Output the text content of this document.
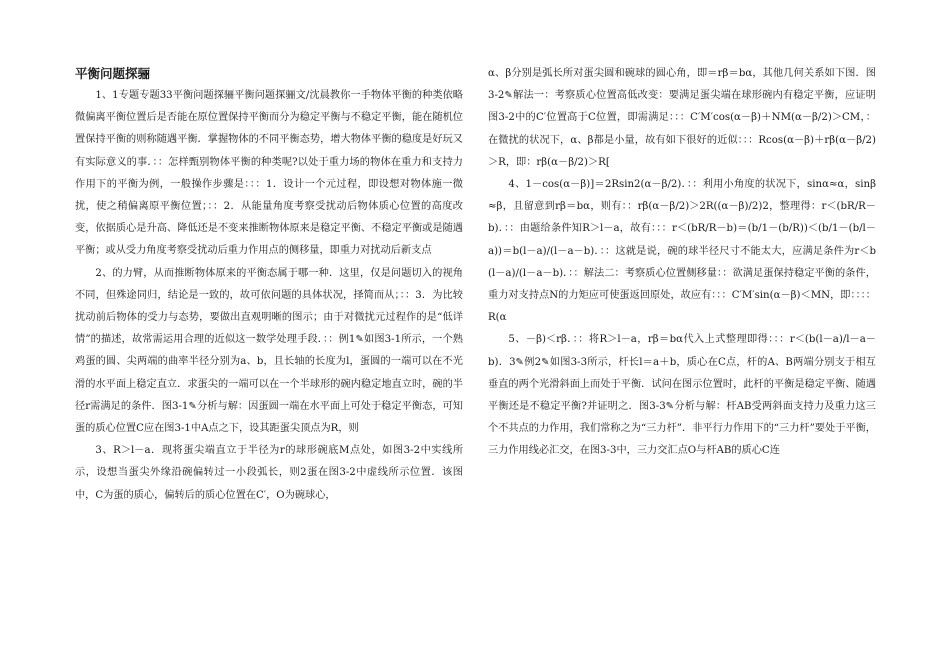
平衡问题探骊

1、1专题专题33平衡问题探骊平衡问题探骊文/沈晨教你一手物体平衡的种类依略微偏离平衡位置后是否能在原位置保持平衡而分为稳定平衡与不稳定平衡，能在随机位置保持平衡的则称随遇平衡．掌握物体的不同平衡态势，增大物体平衡的稳度是好玩又有实际意义的事．：：怎样甄别物体平衡的种类呢?以处于重力场的物体在重力和支持力作用下的平衡为例，一般操作步骤是：：：1．设计一个元过程，即设想对物体施一微扰，使之稍偏离原平衡位置；：：2．从能量角度考察受扰动后物体质心位置的高度改变，依据质心是升高、降低还是不变来推断物体原来是稳定平衡、不稳定平衡或是随遇平衡；或从受力角度考察受扰动后重力作用点的侧移量，即重力对扰动后新支点

2、的力臂，从而推断物体原来的平衡态属于哪一种．这里，仅是问题切入的视角不同，但殊途同归，结论是一致的，故可依问题的具体状况，择简而从；：：3．为比较扰动前后物体的受力与态势，要做出直观明晰的图示；由于对微扰元过程作的是“低详情”的描述，故常需运用合理的近似这一数学处理手段．：：例1✎如图3-1所示，一个熟鸡蛋的圆、尖两端的曲率半径分别为a、b，且长轴的长度为l，蛋圆的一端可以在不光滑的水平面上稳定直立．求蛋尖的一端可以在一个半球形的碗内稳定地直立时，碗的半径r需满足的条件．图3-1✎分析与解：因蛋圆一端在水平面上可处于稳定平衡态，可知蛋的质心位置C应在图3-1中A点之下，设其距蛋尖顶点为R，则

3、R＞l－a．现将蛋尖端直立于半径为r的球形碗底M点处，如图3-2中实线所示，设想当蛋尖外缘沿碗偏转过一小段弧长，则2蛋在图3-2中虚线所示位置．该图中，C为蛋的质心，偏转后的质心位置在C′，O为碗球心，

α、β分别是弧长所对蛋尖圆和碗球的圆心角，即＝rβ＝bα，其他几何关系如下图．图3-2✎解法一：考察质心位置高低改变：要满足蛋尖端在球形碗内有稳定平衡，应证明图3-2中的C′位置高于C位置，即需满足：：：C′M′cos(α－β)＋NM(α－β/2)＞CM，：在微扰的状况下，α、β都是小量，故有如下很好的近似：：：Rcos(α－β)＋rβ(α－β/2)＞R，即：rβ(α－β/2)＞R[

4、1－cos(α－β)]＝2Rsin2(α－β/2)．：：利用小角度的状况下，sinα≈α，sinβ≈β，且留意到rβ＝bα，则有：：rβ(α－β/2)＞2R((α－β)/2)2，整理得：r＜(bR/R－b)．：：由题给条件知R＞l－a，故有：：：r＜(bR/R－b)＝(b/1－(b/R))＜(b/1－(b/l－a))＝b(l－a)/(l－a－b)．：：这就是说，碗的球半径尺寸不能太大，应满足条件为r＜b(l－a)/(l－a－b)．：：解法二：考察质心位置侧移量：：欲满足蛋保持稳定平衡的条件，重力对支持点N的力矩应可使蛋返回原处，故应有：：：C′M′sin(α－β)＜MN，即：：：：R(α

5、－β)＜rβ．：：将R＞l－a，rβ＝bα代入上式整理即得：：：r＜(b(l－a)/l－a－b)．3✎例2✎如图3-3所示，杆长l＝a＋b，质心在C点，杆的A、B两端分别支于相互垂直的两个光滑斜面上而处于平衡．试问在图示位置时，此杆的平衡是稳定平衡、随遇平衡还是不稳定平衡?并证明之．图3-3✎分析与解：杆AB受两斜面支持力及重力这三个不共点的力作用，我们常称之为“三力杆”．非平行力作用下的“三力杆”要处于平衡，三力作用线必汇交，在图3-3中，三力交汇点O与杆AB的质心C连
